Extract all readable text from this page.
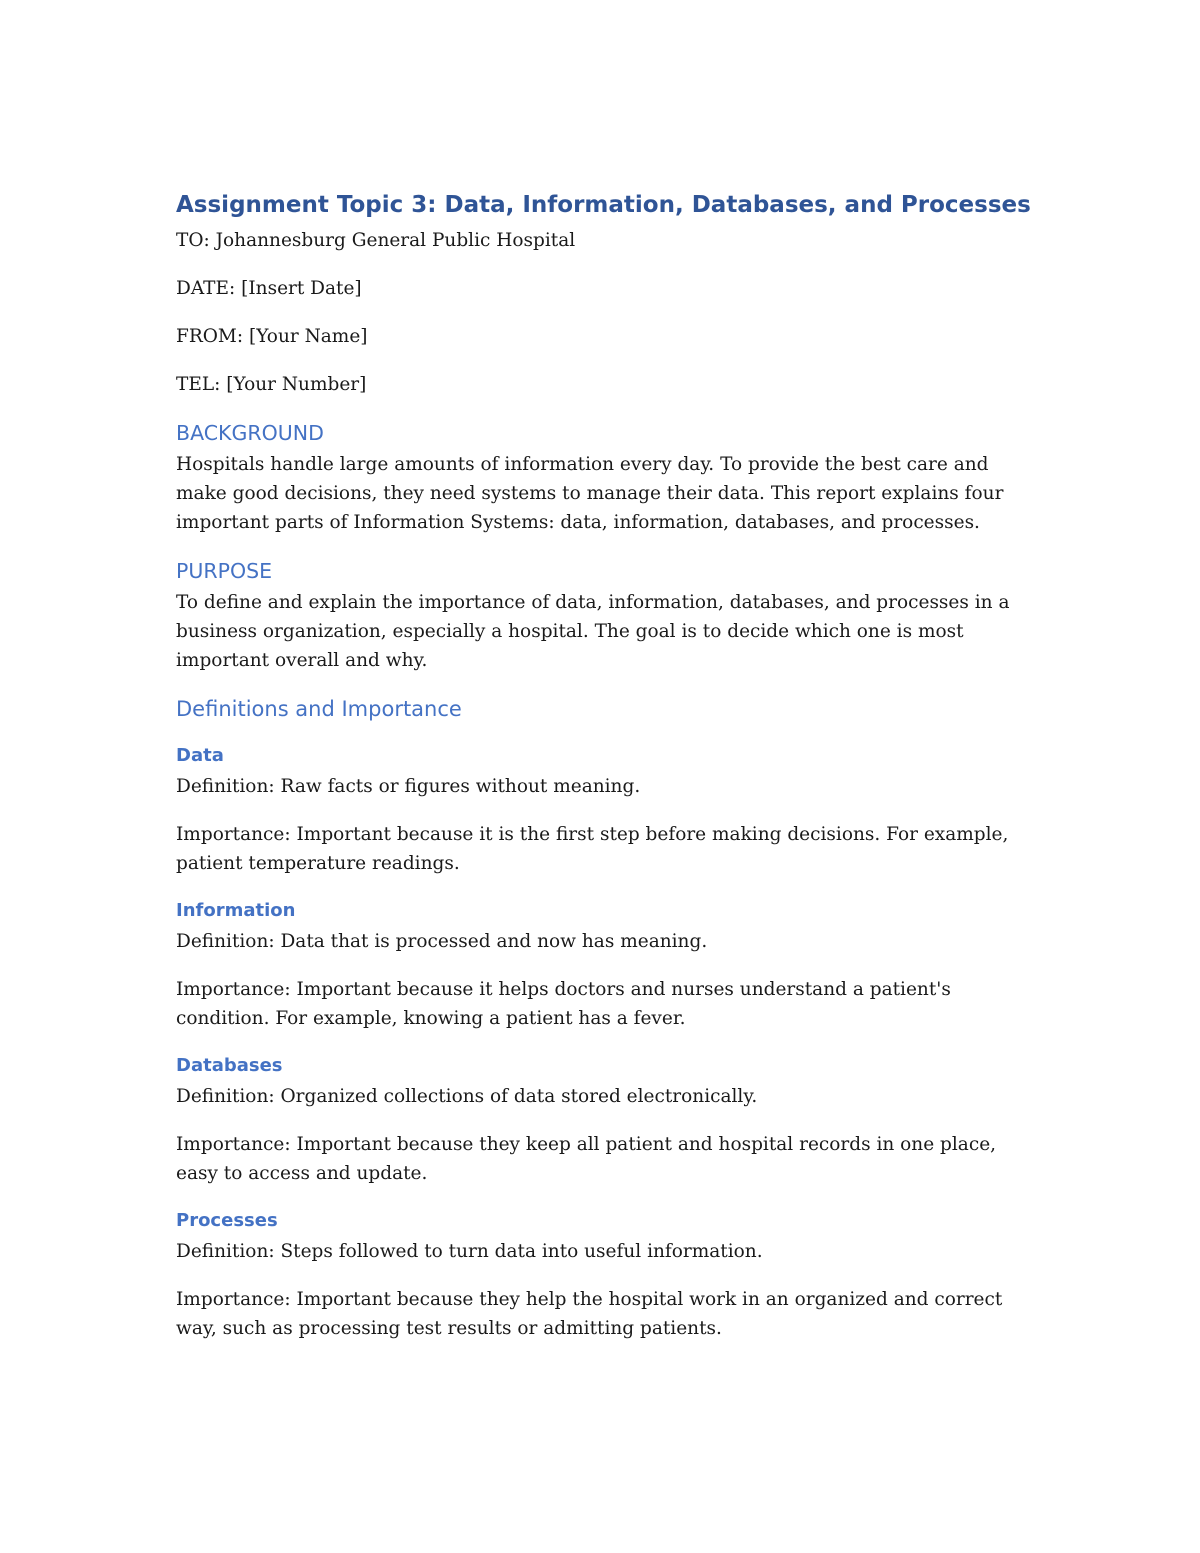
Assignment Topic 3: Data, Information, Databases, and Processes

TO: Johannesburg General Public Hospital

DATE: [Insert Date]

FROM: [Your Name]

TEL: [Your Number]

BACKGROUND

Hospitals handle large amounts of information every day. To provide the best care and make good decisions, they need systems to manage their data. This report explains four important parts of Information Systems: data, information, databases, and processes.

PURPOSE

To define and explain the importance of data, information, databases, and processes in a business organization, especially a hospital. The goal is to decide which one is most important overall and why.

Definitions and Importance
Data

Definition: Raw facts or figures without meaning.

Importance: Important because it is the first step before making decisions. For example, patient temperature readings.

Information

Definition: Data that is processed and now has meaning.

Importance: Important because it helps doctors and nurses understand a patient's condition. For example, knowing a patient has a fever.

Databases

Definition: Organized collections of data stored electronically.

Importance: Important because they keep all patient and hospital records in one place, easy to access and update.

Processes

Definition: Steps followed to turn data into useful information.

Importance: Important because they help the hospital work in an organized and correct way, such as processing test results or admitting patients.
